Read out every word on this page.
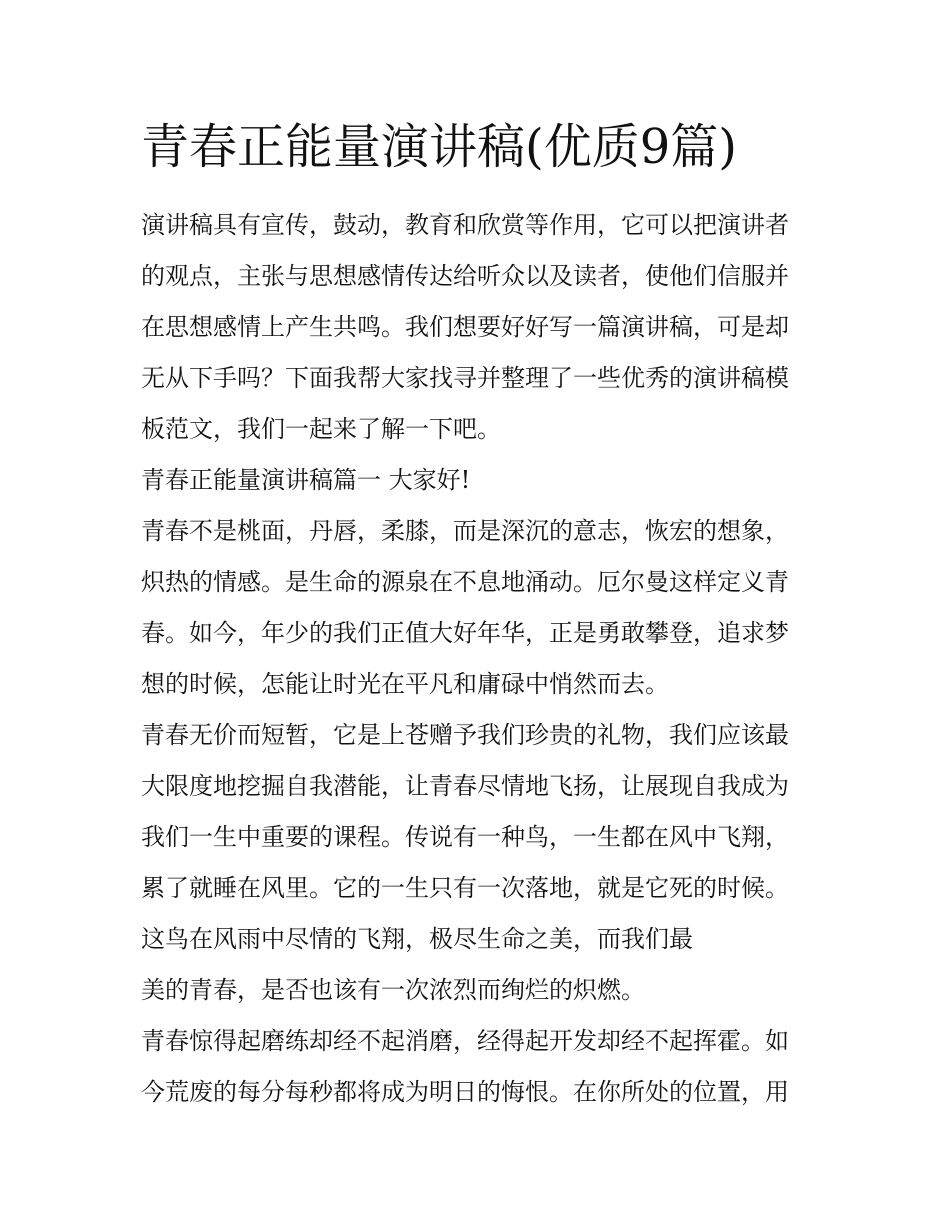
青春正能量演讲稿(优质9篇)
演讲稿具有宣传，鼓动，教育和欣赏等作用，它可以把演讲者
的观点，主张与思想感情传达给听众以及读者，使他们信服并
在思想感情上产生共鸣。我们想要好好写一篇演讲稿，可是却
无从下手吗？下面我帮大家找寻并整理了一些优秀的演讲稿模
板范文，我们一起来了解一下吧。
青春正能量演讲稿篇一 大家好!
青春不是桃面，丹唇，柔膝，而是深沉的意志，恢宏的想象，
炽热的情感。是生命的源泉在不息地涌动。厄尔曼这样定义青
春。如今，年少的我们正值大好年华，正是勇敢攀登，追求梦
想的时候，怎能让时光在平凡和庸碌中悄然而去。
青春无价而短暂，它是上苍赠予我们珍贵的礼物，我们应该最
大限度地挖掘自我潜能，让青春尽情地飞扬，让展现自我成为
我们一生中重要的课程。传说有一种鸟，一生都在风中飞翔，
累了就睡在风里。它的一生只有一次落地，就是它死的时候。
这鸟在风雨中尽情的飞翔，极尽生命之美，而我们最
美的青春，是否也该有一次浓烈而绚烂的炽燃。
青春惊得起磨练却经不起消磨，经得起开发却经不起挥霍。如
今荒废的每分每秒都将成为明日的悔恨。在你所处的位置，用
